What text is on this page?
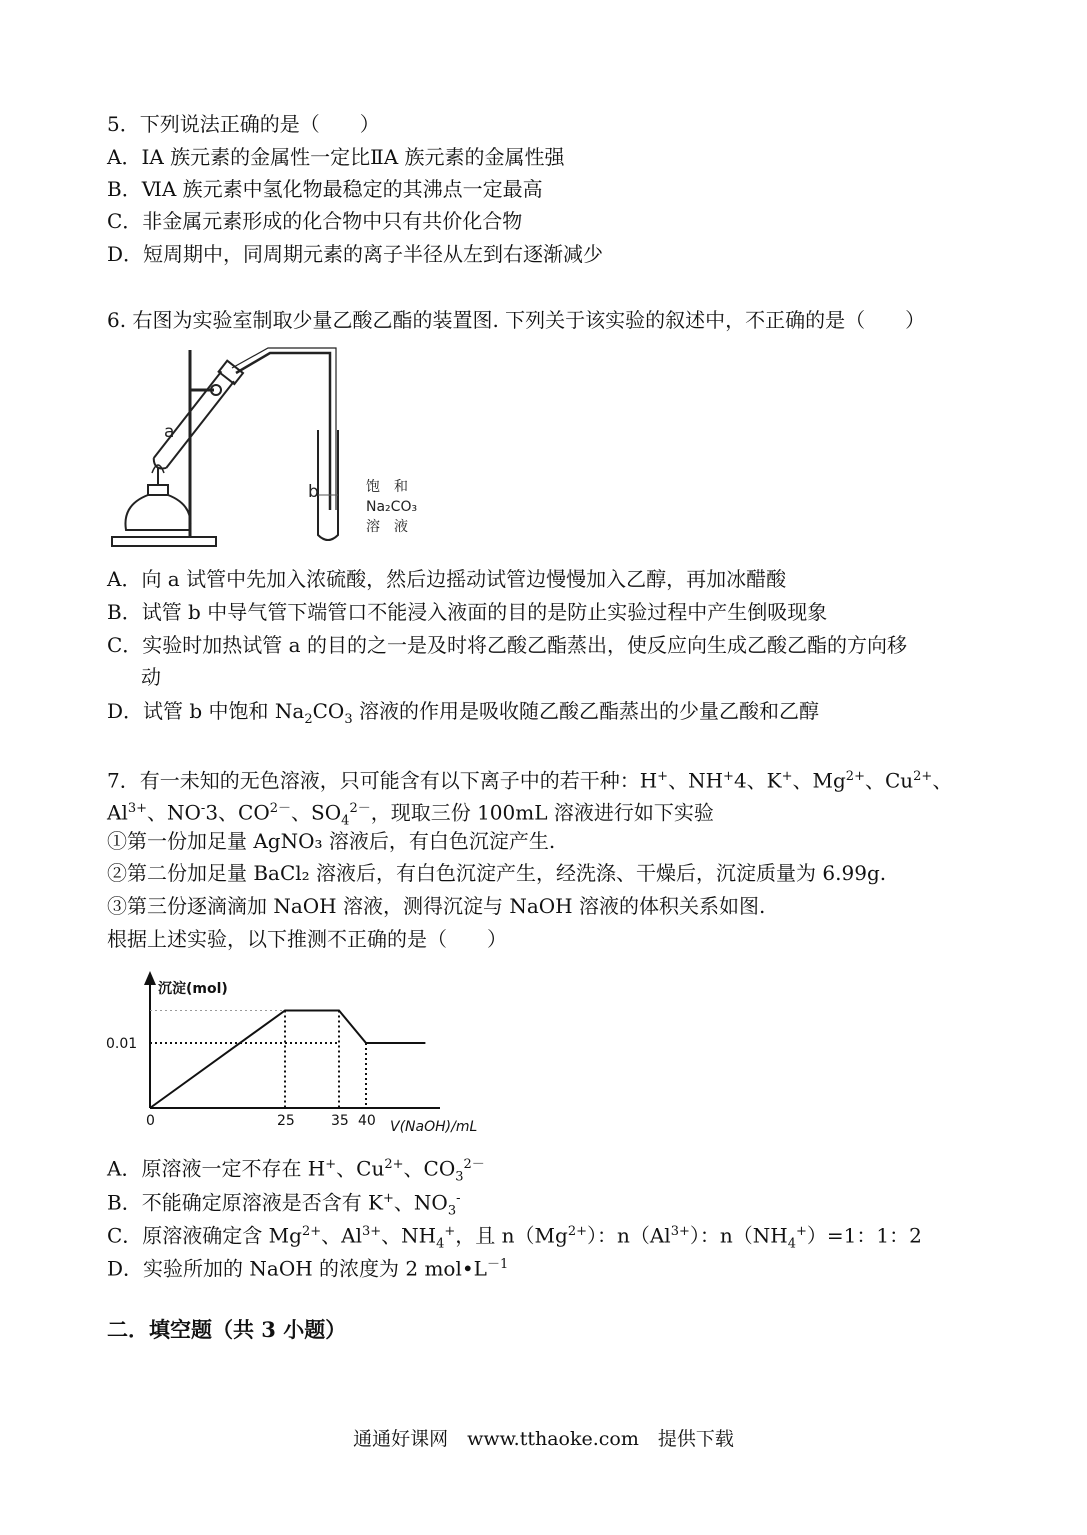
5．下列说法正确的是（　　）
A．ⅠA 族元素的金属性一定比ⅡA 族元素的金属性强
B．ⅥA 族元素中氢化物最稳定的其沸点一定最高
C．非金属元素形成的化合物中只有共价化合物
D．短周期中，同周期元素的离子半径从左到右逐渐减少
6. 右图为实验室制取少量乙酸乙酯的装置图. 下列关于该实验的叙述中，不正确的是（　　）
a
b	饱　和
Na₂CO₃
溶　液
A．向 a 试管中先加入浓硫酸，然后边摇动试管边慢慢加入乙醇，再加冰醋酸
B．试管 b 中导气管下端管口不能浸入液面的目的是防止实验过程中产生倒吸现象
C．实验时加热试管 a 的目的之一是及时将乙酸乙酯蒸出，使反应向生成乙酸乙酯的方向移
动
D．试管 b 中饱和 $Na_2CO_3$ 溶液的作用是吸收随乙酸乙酯蒸出的少量乙酸和乙醇
7．有一未知的无色溶液，只可能含有以下离子中的若干种：H+、NH+4、K+、$Mg^{2+}$、$Cu^{2+}$、
$Al^{3+}$、NO-3、$CO^{2-}$、$SO_4^{2-}$，现取三份 100mL 溶液进行如下实验
①第一份加足量 AgNO₃ 溶液后，有白色沉淀产生.
②第二份加足量 BaCl₂ 溶液后，有白色沉淀产生，经洗涤、干燥后，沉淀质量为 6.99g.
③第三份逐滴滴加 NaOH 溶液，测得沉淀与 NaOH 溶液的体积关系如图.
根据上述实验，以下推测不正确的是（　　）
沉淀(mol)
V(NaOH)/mL
0	25	35 40
0.01
A．原溶液一定不存在 H+、$Cu^{2+}$、$CO_3^{2-}$
B．不能确定原溶液是否含有 K+、$NO_3^-$
C．原溶液确定含 $Mg^{2+}$、$Al^{3+}$、$NH_4^+$，且 $n(Mg^{2+})$：$n(Al^{3+})$：$n(NH_4^+)=1$：1：2
D．实验所加的 NaOH 的浓度为 2 $mol•L^{-1}$
二．填空题（共 3 小题）
通通好课网　www.tthaoke.com　提供下载
